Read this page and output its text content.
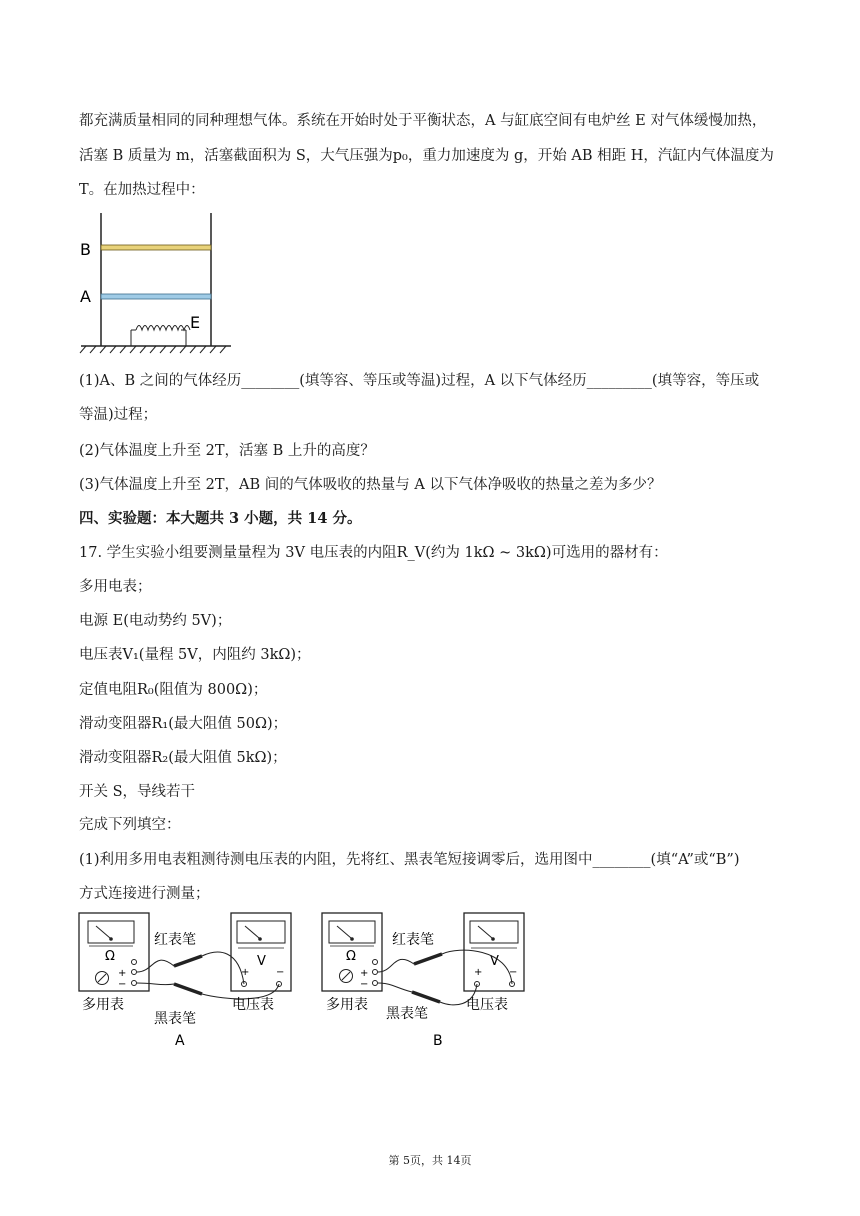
都充满质量相同的同种理想气体。系统在开始时处于平衡状态，A 与缸底空间有电炉丝 E 对气体缓慢加热，
活塞 B 质量为 m，活塞截面积为 S，大气压强为p₀，重力加速度为 g，开始 AB 相距 H，汽缸内气体温度为
T。在加热过程中：
B
A
E
(1)A、B 之间的气体经历________(填等容、等压或等温)过程，A 以下气体经历_________(填等容，等压或
等温)过程；
(2)气体温度上升至 2T，活塞 B 上升的高度？
(3)气体温度上升至 2T，AB 间的气体吸收的热量与 A 以下气体净吸收的热量之差为多少？
四、实验题：本大题共 3 小题，共 14 分。
17. 学生实验小组要测量量程为 3V 电压表的内阻R_V(约为 1kΩ ~ 3kΩ)可选用的器材有：
多用电表；
电源 E(电动势约 5V)；
电压表V₁(量程 5V，内阻约 3kΩ)；
定值电阻R₀(阻值为 800Ω)；
滑动变阻器R₁(最大阻值 50Ω)；
滑动变阻器R₂(最大阻值 5kΩ)；
开关 S，导线若干
完成下列填空：
(1)利用多用电表粗测待测电压表的内阻，先将红、黑表笔短接调零后，选用图中________(填“A”或“B”)
方式连接进行测量；
Ω
+
−
V
+	−
红表笔
黑表笔
多用表	电压表
A
Ω
+
−
V
+	−
红表笔
黑表笔
多用表	电压表
B
第 5页，共 14页
